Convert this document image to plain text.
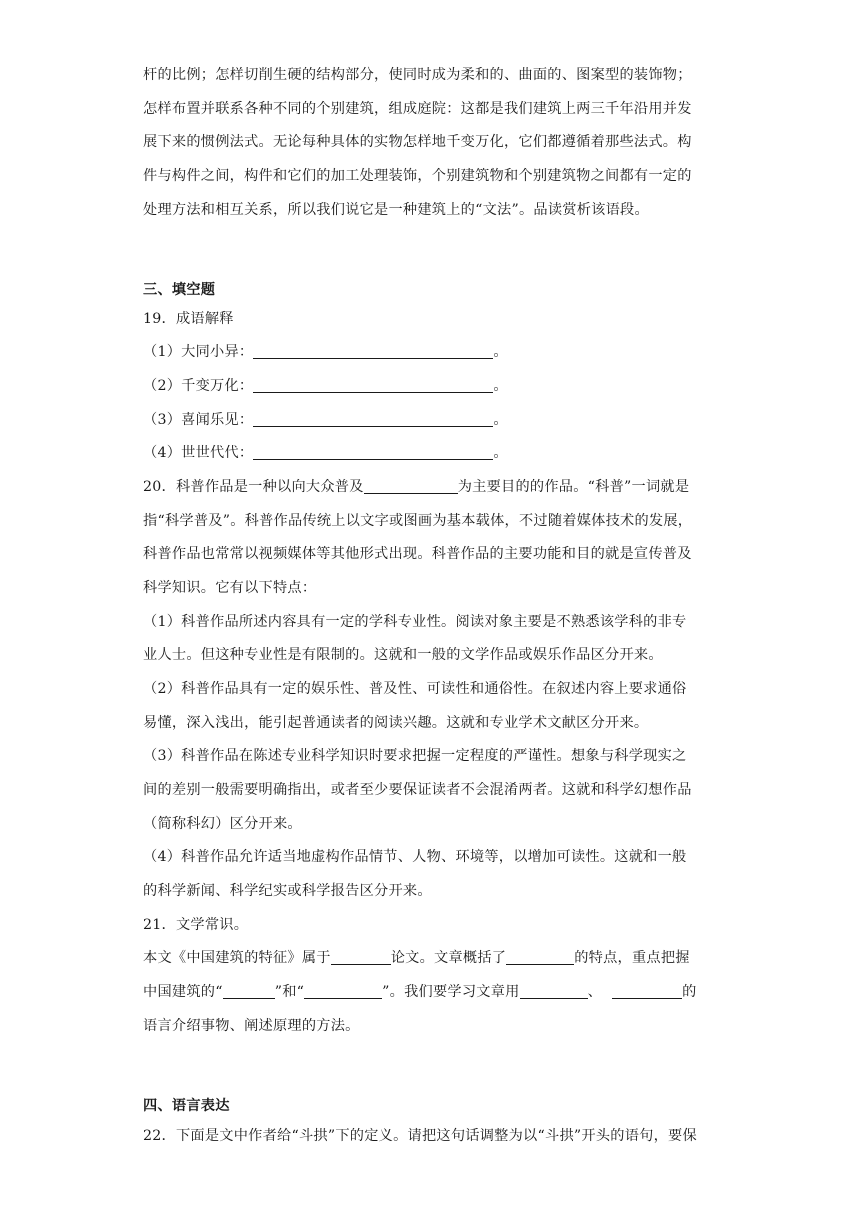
杆的比例；怎样切削生硬的结构部分，使同时成为柔和的、曲面的、图案型的装饰物；
怎样布置并联系各种不同的个别建筑，组成庭院：这都是我们建筑上两三千年沿用并发
展下来的惯例法式。无论每种具体的实物怎样地千变万化，它们都遵循着那些法式。构
件与构件之间，构件和它们的加工处理装饰，个别建筑物和个别建筑物之间都有一定的
处理方法和相互关系，所以我们说它是一种建筑上的“文法”。品读赏析该语段。
三、填空题
19．成语解释
（1）大同小异：	。
（2）千变万化：	。
（3）喜闻乐见：	。
（4）世世代代：	。
20．科普作品是一种以向大众普及	为主要目的的作品。“科普”一词就是
指“科学普及”。科普作品传统上以文字或图画为基本载体，不过随着媒体技术的发展，
科普作品也常常以视频媒体等其他形式出现。科普作品的主要功能和目的就是宣传普及
科学知识。它有以下特点：
（1）科普作品所述内容具有一定的学科专业性。阅读对象主要是不熟悉该学科的非专
业人士。但这种专业性是有限制的。这就和一般的文学作品或娱乐作品区分开来。
（2）科普作品具有一定的娱乐性、普及性、可读性和通俗性。在叙述内容上要求通俗
易懂，深入浅出，能引起普通读者的阅读兴趣。这就和专业学术文献区分开来。
（3）科普作品在陈述专业科学知识时要求把握一定程度的严谨性。想象与科学现实之
间的差别一般需要明确指出，或者至少要保证读者不会混淆两者。这就和科学幻想作品
（简称科幻）区分开来。
（4）科普作品允许适当地虚构作品情节、人物、环境等，以增加可读性。这就和一般
的科学新闻、科学纪实或科学报告区分开来。
21．文学常识。
本文《中国建筑的特征》属于	论文。文章概括了	的特点，重点把握
中国建筑的“	”和“	”。我们要学习文章用	、	的
语言介绍事物、阐述原理的方法。
四、语言表达
22．下面是文中作者给“斗拱”下的定义。请把这句话调整为以“斗拱”开头的语句，要保
